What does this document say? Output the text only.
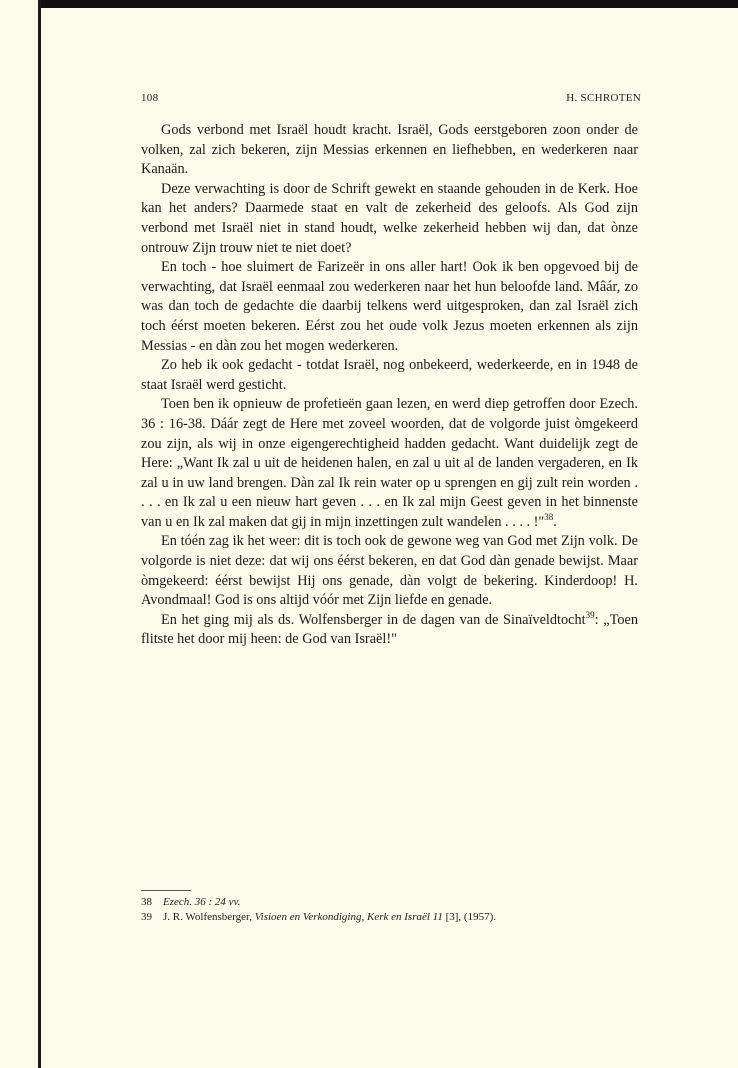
108	H. SCHROTEN

Gods verbond met Israël houdt kracht. Israël, Gods eerstgeboren zoon onder de volken, zal zich bekeren, zijn Messias erkennen en liefhebben, en wederkeren naar Kanaän.

Deze verwachting is door de Schrift gewekt en staande gehouden in de Kerk. Hoe kan het anders? Daarmede staat en valt de zekerheid des geloofs. Als God zijn verbond met Israël niet in stand houdt, welke zekerheid hebben wij dan, dat ònze ontrouw Zijn trouw niet te niet doet?

En toch - hoe sluimert de Farizeër in ons aller hart! Ook ik ben opgevoed bij de verwachting, dat Israël eenmaal zou wederkeren naar het hun beloofde land. Mâár, zo was dan toch de gedachte die daarbij telkens werd uitgesproken, dan zal Israël zich toch éérst moeten bekeren. Eérst zou het oude volk Jezus moeten erkennen als zijn Messias - en dàn zou het mogen wederkeren.

Zo heb ik ook gedacht - totdat Israël, nog onbekeerd, wederkeerde, en in 1948 de staat Israël werd gesticht.

Toen ben ik opnieuw de profetieën gaan lezen, en werd diep getroffen door Ezech. 36 : 16-38. Dáár zegt de Here met zoveel woorden, dat de volgorde juist òmgekeerd zou zijn, als wij in onze eigengerechtigheid hadden gedacht. Want duidelijk zegt de Here: „Want Ik zal u uit de heidenen halen, en zal u uit al de landen vergaderen, en Ik zal u in uw land brengen. Dàn zal Ik rein water op u sprengen en gij zult rein worden . . . . en Ik zal u een nieuw hart geven . . . en Ik zal mijn Geest geven in het binnenste van u en Ik zal maken dat gij in mijn inzettingen zult wandelen . . . . !"$^{38}$.

En tóén zag ik het weer: dit is toch ook de gewone weg van God met Zijn volk. De volgorde is niet deze: dat wij ons éérst bekeren, en dat God dàn genade bewijst. Maar òmgekeerd: éérst bewijst Hij ons genade, dàn volgt de bekering. Kinderdoop! H. Avondmaal! God is ons altijd vóór met Zijn liefde en genade.

En het ging mij als ds. Wolfensberger in de dagen van de Sinaïveldtocht$^{39}$: „Toen flitste het door mij heen: de God van Israël!"

38 Ezech. 36 : 24 vv.
39 J. R. Wolfensberger, Visioen en Verkondiging, Kerk en Israël 11 [3], (1957).
